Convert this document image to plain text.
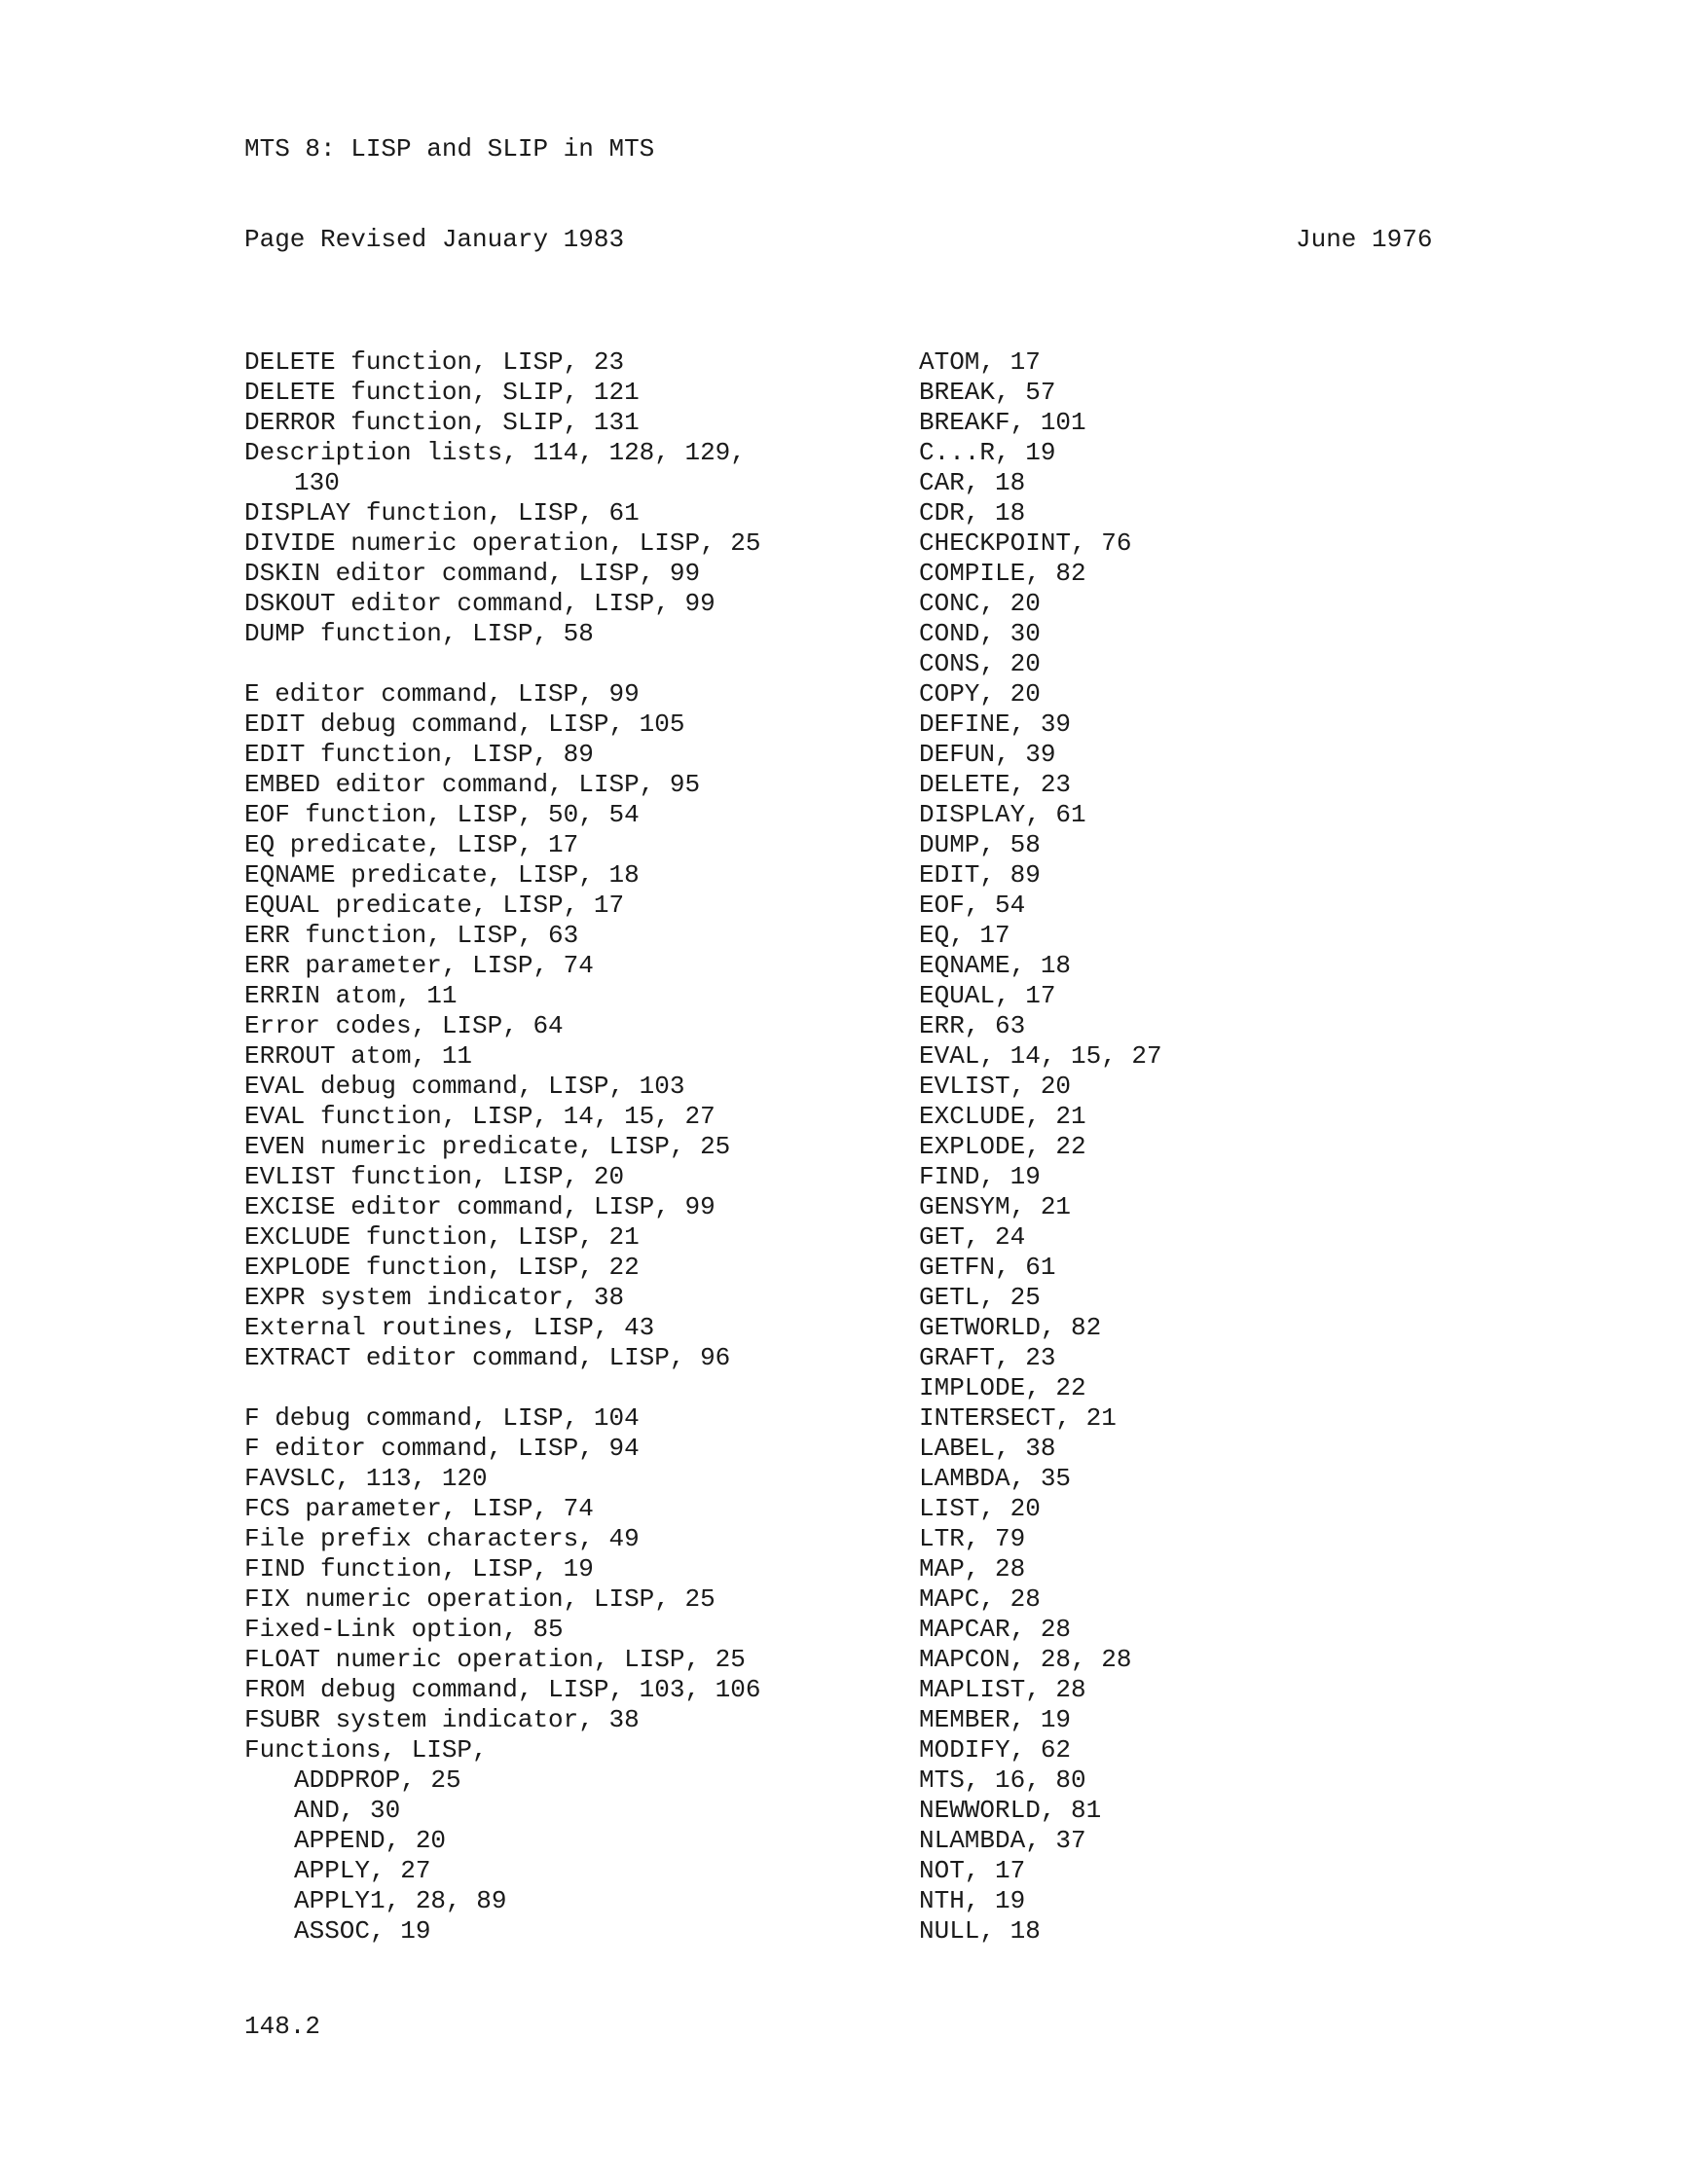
MTS 8: LISP and SLIP in MTS
Page Revised January 1983	June 1976
DELETE function, LISP, 23
DELETE function, SLIP, 121
DERROR function, SLIP, 131
Description lists, 114, 128, 129,
130
DISPLAY function, LISP, 61
DIVIDE numeric operation, LISP, 25
DSKIN editor command, LISP, 99
DSKOUT editor command, LISP, 99
DUMP function, LISP, 58
E editor command, LISP, 99
EDIT debug command, LISP, 105
EDIT function, LISP, 89
EMBED editor command, LISP, 95
EOF function, LISP, 50, 54
EQ predicate, LISP, 17
EQNAME predicate, LISP, 18
EQUAL predicate, LISP, 17
ERR function, LISP, 63
ERR parameter, LISP, 74
ERRIN atom, 11
Error codes, LISP, 64
ERROUT atom, 11
EVAL debug command, LISP, 103
EVAL function, LISP, 14, 15, 27
EVEN numeric predicate, LISP, 25
EVLIST function, LISP, 20
EXCISE editor command, LISP, 99
EXCLUDE function, LISP, 21
EXPLODE function, LISP, 22
EXPR system indicator, 38
External routines, LISP, 43
EXTRACT editor command, LISP, 96
F debug command, LISP, 104
F editor command, LISP, 94
FAVSLC, 113, 120
FCS parameter, LISP, 74
File prefix characters, 49
FIND function, LISP, 19
FIX numeric operation, LISP, 25
Fixed-Link option, 85
FLOAT numeric operation, LISP, 25
FROM debug command, LISP, 103, 106
FSUBR system indicator, 38
Functions, LISP,
ADDPROP, 25
AND, 30
APPEND, 20
APPLY, 27
APPLY1, 28, 89
ASSOC, 19
ATOM, 17
BREAK, 57
BREAKF, 101
C...R, 19
CAR, 18
CDR, 18
CHECKPOINT, 76
COMPILE, 82
CONC, 20
COND, 30
CONS, 20
COPY, 20
DEFINE, 39
DEFUN, 39
DELETE, 23
DISPLAY, 61
DUMP, 58
EDIT, 89
EOF, 54
EQ, 17
EQNAME, 18
EQUAL, 17
ERR, 63
EVAL, 14, 15, 27
EVLIST, 20
EXCLUDE, 21
EXPLODE, 22
FIND, 19
GENSYM, 21
GET, 24
GETFN, 61
GETL, 25
GETWORLD, 82
GRAFT, 23
IMPLODE, 22
INTERSECT, 21
LABEL, 38
LAMBDA, 35
LIST, 20
LTR, 79
MAP, 28
MAPC, 28
MAPCAR, 28
MAPCON, 28, 28
MAPLIST, 28
MEMBER, 19
MODIFY, 62
MTS, 16, 80
NEWWORLD, 81
NLAMBDA, 37
NOT, 17
NTH, 19
NULL, 18
148.2
